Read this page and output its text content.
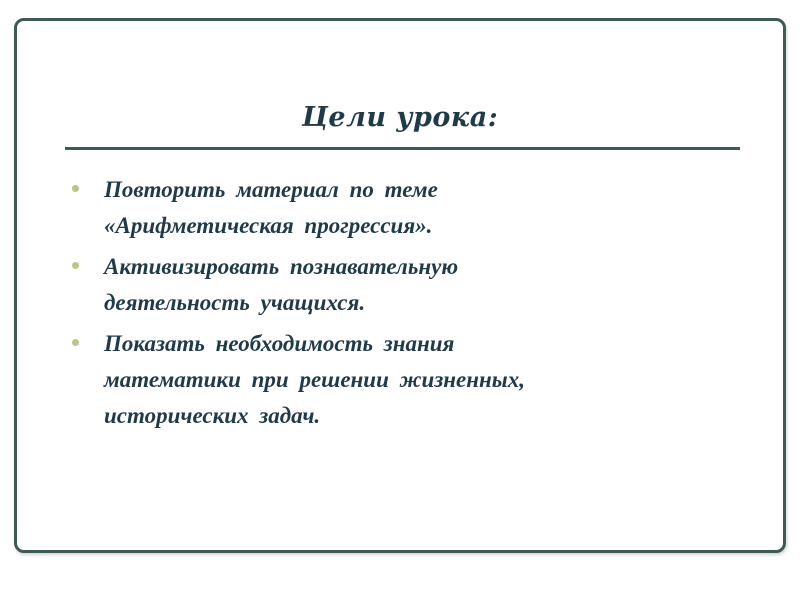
Цели урока:
Повторить материал по теме
«Арифметическая прогрессия».
Активизировать познавательную
деятельность учащихся.
Показать необходимость знания
математики при решении жизненных,
исторических задач.
